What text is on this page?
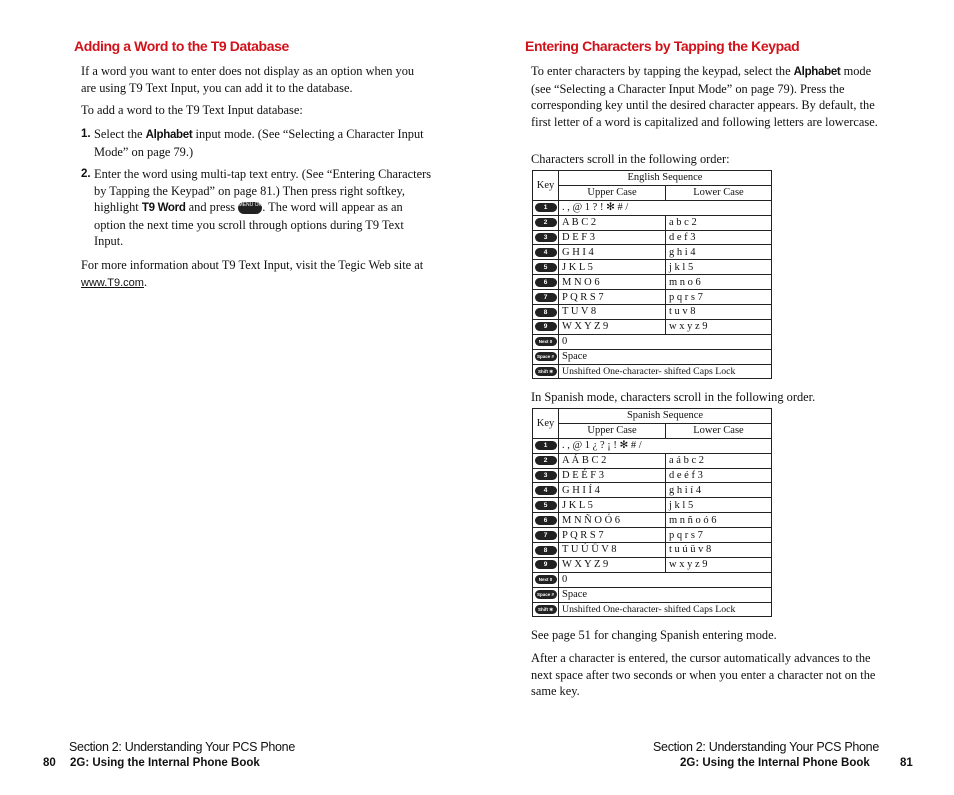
Adding a Word to the T9 Database

If a word you want to enter does not display as an option when you are using T9 Text Input, you can add it to the database.

To add a word to the T9 Text Input database:

1. Select the Alphabet input mode. (See “Selecting a Character Input Mode” on page 79.)

2. Enter the word using multi-tap text entry. (See “Entering Characters by Tapping the Keypad” on page 81.) Then press right softkey, highlight T9 Word and press MENU OK. The word will appear as an option the next time you scroll through options during T9 Text Input.

For more information about T9 Text Input, visit the Tegic Web site at www.T9.com.

Entering Characters by Tapping the Keypad

To enter characters by tapping the keypad, select the Alphabet mode (see “Selecting a Character Input Mode” on page 79). Press the corresponding key until the desired character appears. By default, the first letter of a word is capitalized and following letters are lowercase.

Characters scroll in the following order:

Key	English Sequence	
	Upper Case	Lower Case
1	. , @ 1 ? ! ✻ # /	
2	A B C 2	a b c 2
3	D E F 3	d e f 3
4	G H I 4	g h i 4
5	J K L 5	j k l 5
6	M N O 6	m n o 6
7	P Q R S 7	p q r s 7
8	T U V 8	t u v 8
9	W X Y Z 9	w x y z 9
Next 0	0	
Space #	Space	
Shift ✻	Unshifted One-character- shifted Caps Lock	

In Spanish mode, characters scroll in the following order.

Key	Spanish Sequence	
	Upper Case	Lower Case
1	. , @ 1 ¿ ? ¡ ! ✻ # /	
2	A Á B C 2	a á b c 2
3	D E É F 3	d e é f 3
4	G H I Í 4	g h i í 4
5	J K L 5	j k l 5
6	M N Ñ O Ó 6	m n ñ o ó 6
7	P Q R S 7	p q r s 7
8	T U Ú Ü V 8	t u ú ü v 8
9	W X Y Z 9	w x y z 9
Next 0	0	
Space #	Space	
Shift ✻	Unshifted One-character- shifted Caps Lock	

See page 51 for changing Spanish entering mode.

After a character is entered, the cursor automatically advances to the next space after two seconds or when you enter a character not on the same key.

Section 2: Understanding Your PCS Phone
80 2G: Using the Internal Phone Book
Section 2: Understanding Your PCS Phone
2G: Using the Internal Phone Book	81
